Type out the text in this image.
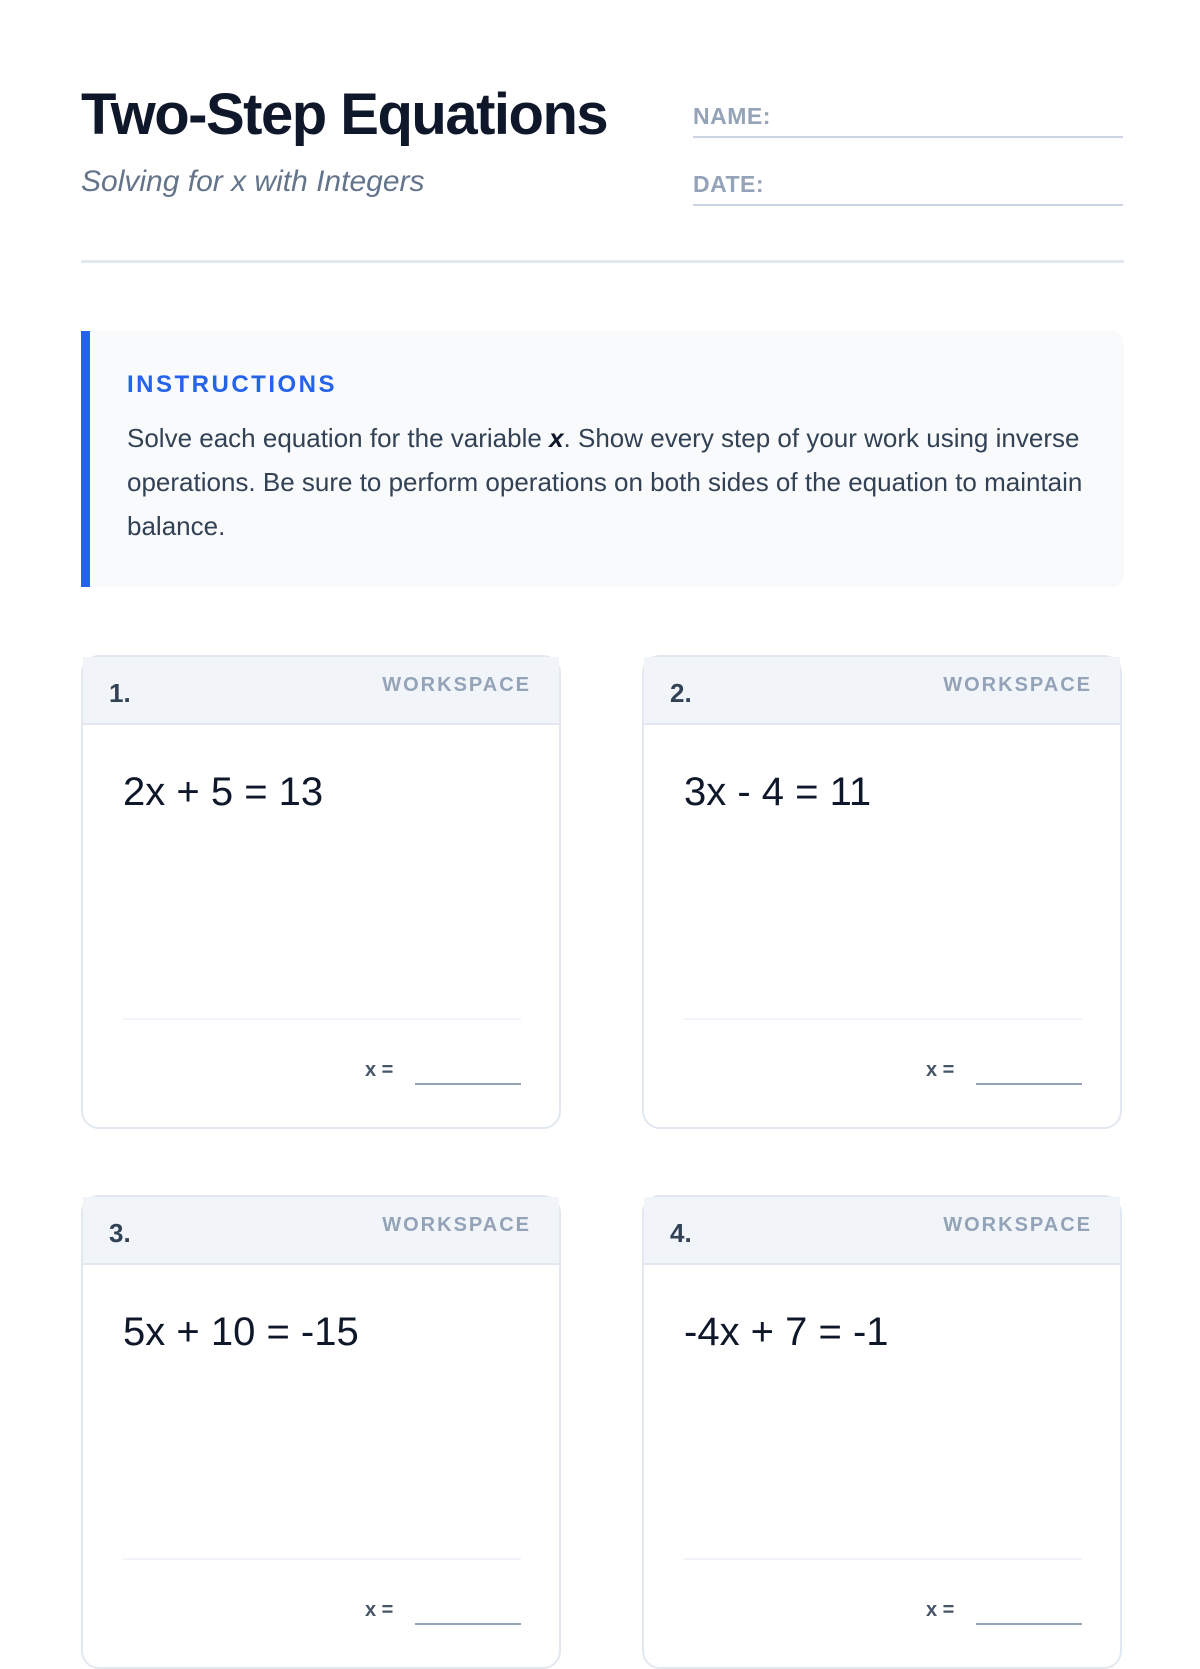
Two-Step Equations
Solving for x with Integers
NAME:
DATE:
INSTRUCTIONS
Solve each equation for the variable x. Show every step of your work using inverse operations. Be sure to perform operations on both sides of the equation to maintain balance.
1.	WORKSPACE
2x + 5 = 13
x =
2.	WORKSPACE
3x - 4 = 11
x =
3.	WORKSPACE
5x + 10 = -15
x =
4.	WORKSPACE
-4x + 7 = -1
x =
